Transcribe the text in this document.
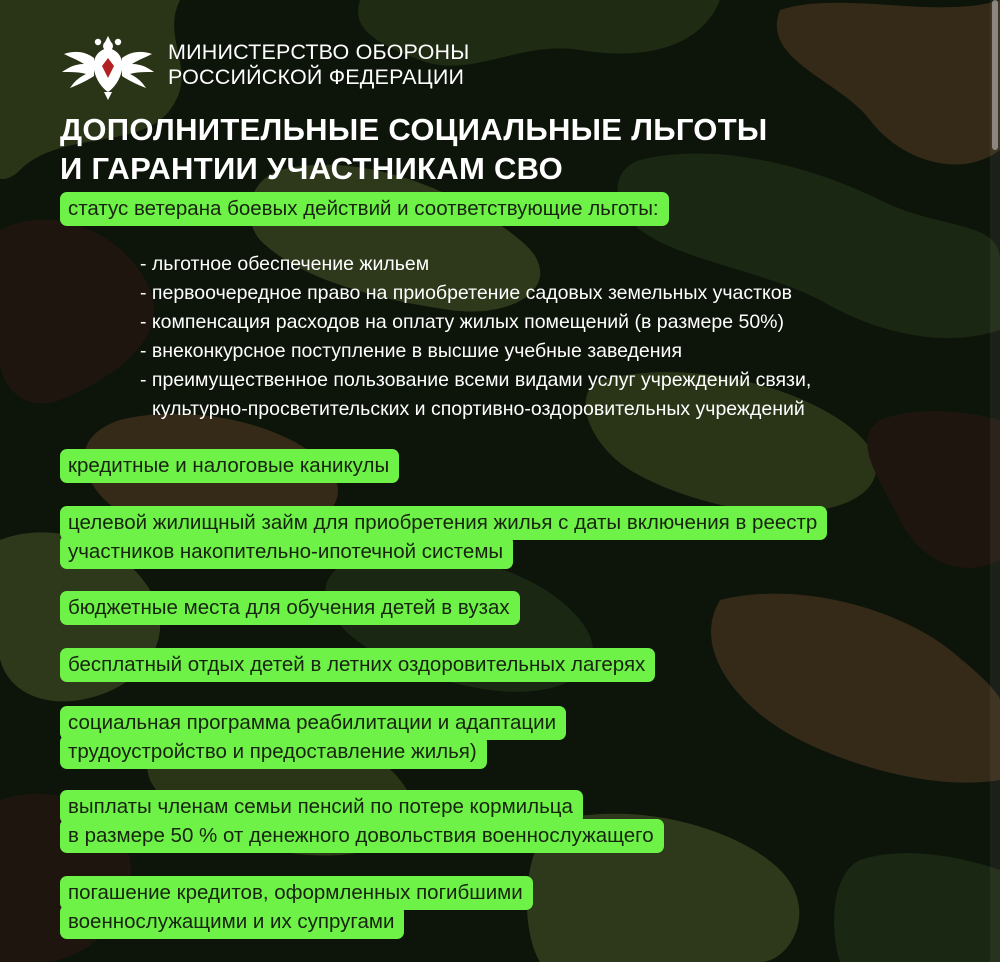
МИНИСТЕРСТВО ОБОРОНЫ
РОССИЙСКОЙ ФЕДЕРАЦИИ
ДОПОЛНИТЕЛЬНЫЕ СОЦИАЛЬНЫЕ ЛЬГОТЫ
И ГАРАНТИИ УЧАСТНИКАМ СВО
статус ветерана боевых действий и соответствующие льготы:
- льготное обеспечение жильем
- первоочередное право на приобретение садовых земельных участков
- компенсация расходов на оплату жилых помещений (в размере 50%)
- внеконкурсное поступление в высшие учебные заведения
- преимущественное пользование всеми видами услуг учреждений связи,
культурно-просветительских и спортивно-оздоровительных учреждений
кредитные и налоговые каникулы
целевой жилищный займ для приобретения жилья с даты включения в реестр
участников накопительно-ипотечной системы
бюджетные места для обучения детей в вузах
бесплатный отдых детей в летних оздоровительных лагерях
социальная программа реабилитации и адаптации
трудоустройство и предоставление жилья)
выплаты членам семьи пенсий по потере кормильца
в размере 50 % от денежного довольствия военнослужащего
погашение кредитов, оформленных погибшими
военнослужащими и их супругами
